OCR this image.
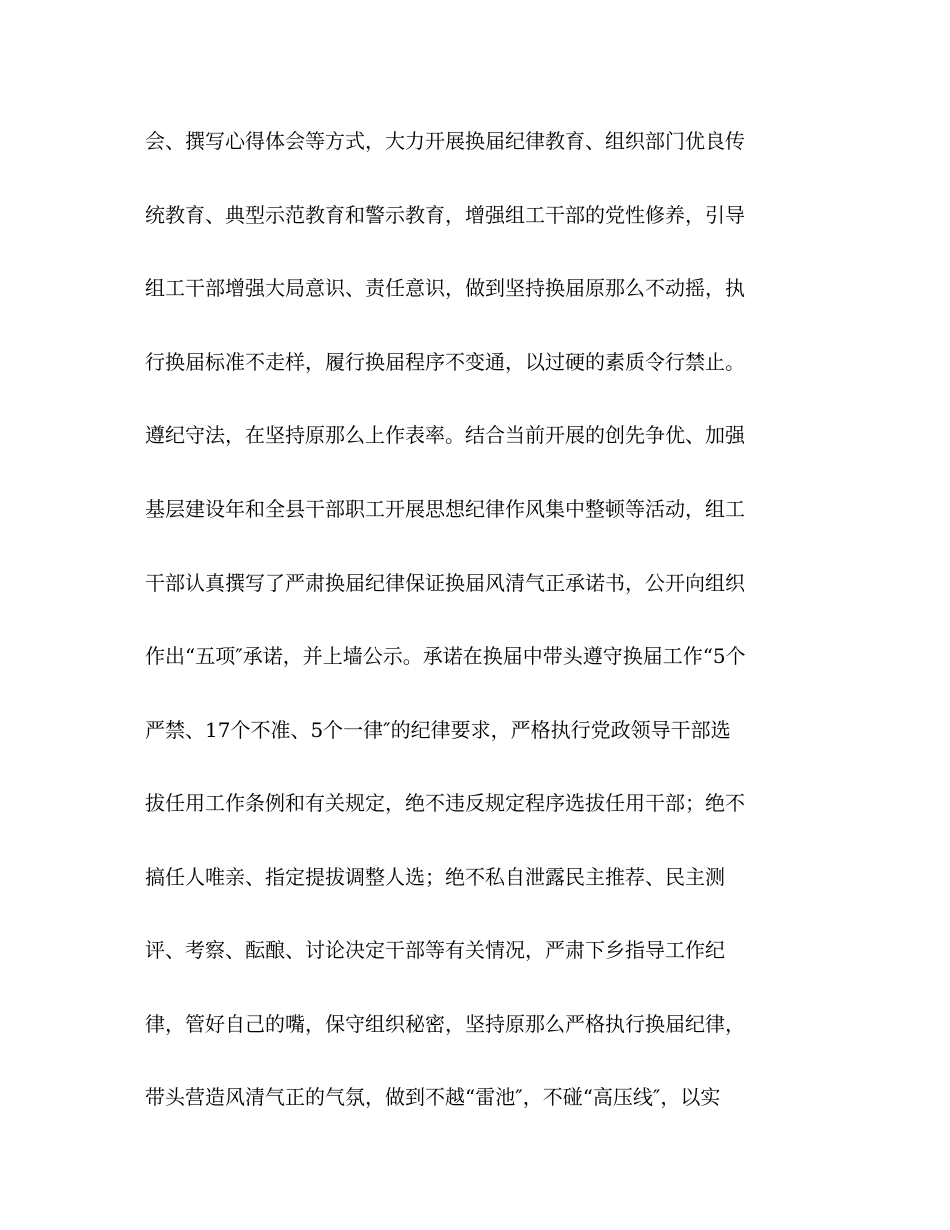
会、撰写心得体会等方式，大力开展换届纪律教育、组织部门优良传
统教育、典型示范教育和警示教育，增强组工干部的党性修养，引导
组工干部增强大局意识、责任意识，做到坚持换届原那么不动摇，执
行换届标准不走样，履行换届程序不变通，以过硬的素质令行禁止。
遵纪守法，在坚持原那么上作表率。结合当前开展的创先争优、加强
基层建设年和全县干部职工开展思想纪律作风集中整顿等活动，组工
干部认真撰写了严肃换届纪律保证换届风清气正承诺书，公开向组织
作出“五项″承诺，并上墙公示。承诺在换届中带头遵守换届工作“5个
严禁、17个不准、5个一律″的纪律要求，严格执行党政领导干部选
拔任用工作条例和有关规定，绝不违反规定程序选拔任用干部；绝不
搞任人唯亲、指定提拔调整人选；绝不私自泄露民主推荐、民主测
评、考察、酝酿、讨论决定干部等有关情况，严肃下乡指导工作纪
律，管好自己的嘴，保守组织秘密，坚持原那么严格执行换届纪律，
带头营造风清气正的气氛，做到不越“雷池″，不碰“高压线″，以实
